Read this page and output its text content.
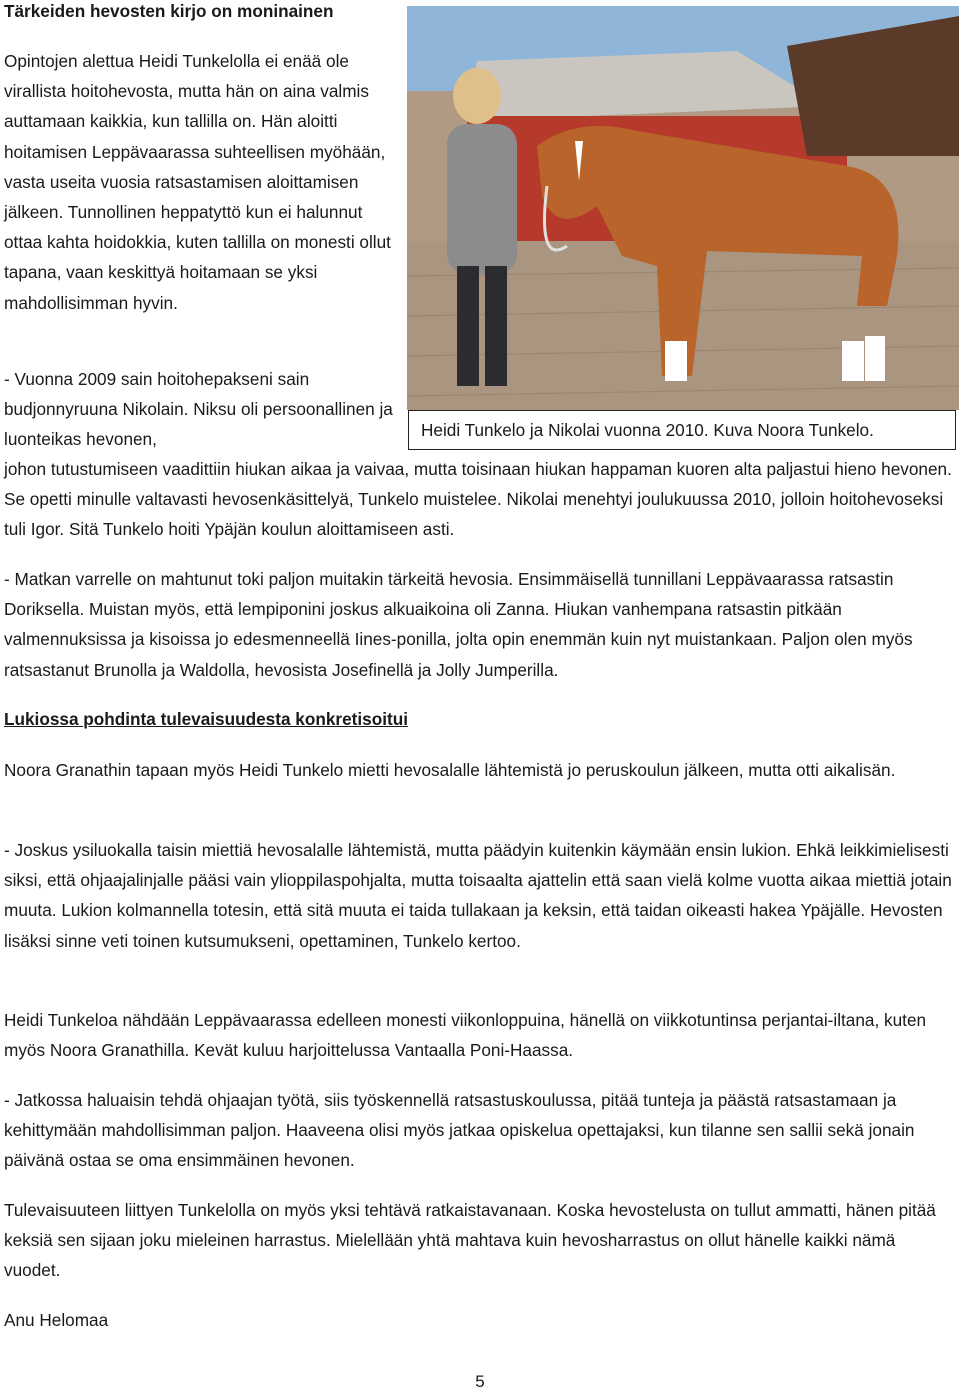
Tärkeiden hevosten kirjo on moninainen

Opintojen alettua Heidi Tunkelolla ei enää ole virallista hoitohevosta, mutta hän on aina valmis auttamaan kaikkia, kun tallilla on. Hän aloitti hoitamisen Leppävaarassa suhteellisen myöhään, vasta useita vuosia ratsastamisen aloittamisen jälkeen. Tunnollinen heppatyttö kun ei halunnut ottaa kahta hoidokkia, kuten tallilla on monesti ollut tapana, vaan keskittyä hoitamaan se yksi mahdollisimman hyvin.

- Vuonna 2009 sain hoitohepakseni sain budjonnyruuna Nikolain. Niksu oli persoonallinen ja luonteikas hevonen,

johon tutustumiseen vaadittiin hiukan aikaa ja vaivaa, mutta toisinaan hiukan happaman kuoren alta paljastui hieno hevonen. Se opetti minulle valtavasti hevosenkäsittelyä, Tunkelo muistelee. Nikolai menehtyi joulukuussa 2010, jolloin hoitohevoseksi tuli Igor. Sitä Tunkelo hoiti Ypäjän koulun aloittamiseen asti.

Heidi Tunkelo ja Nikolai vuonna 2010. Kuva Noora Tunkelo.

- Matkan varrelle on mahtunut toki paljon muitakin tärkeitä hevosia. Ensimmäisellä tunnillani Leppävaarassa ratsastin Doriksella. Muistan myös, että lempiponini joskus alkuaikoina oli Zanna. Hiukan vanhempana ratsastin pitkään valmennuksissa ja kisoissa jo edesmenneellä Iines-ponilla, jolta opin enemmän kuin nyt muistankaan. Paljon olen myös ratsastanut Brunolla ja Waldolla, hevosista Josefinellä ja Jolly Jumperilla.

Lukiossa pohdinta tulevaisuudesta konkretisoitui

Noora Granathin tapaan myös Heidi Tunkelo mietti hevosalalle lähtemistä jo peruskoulun jälkeen, mutta otti aikalisän.

- Joskus ysiluokalla taisin miettiä hevosalalle lähtemistä, mutta päädyin kuitenkin käymään ensin lukion. Ehkä leikkimielisesti siksi, että ohjaajalinjalle pääsi vain ylioppilaspohjalta, mutta toisaalta ajattelin että saan vielä kolme vuotta aikaa miettiä jotain muuta. Lukion kolmannella totesin, että sitä muuta ei taida tullakaan ja keksin, että taidan oikeasti hakea Ypäjälle. Hevosten lisäksi sinne veti toinen kutsumukseni, opettaminen, Tunkelo kertoo.

Heidi Tunkeloa nähdään Leppävaarassa edelleen monesti viikonloppuina, hänellä on viikkotuntinsa perjantai-iltana, kuten myös Noora Granathilla. Kevät kuluu harjoittelussa Vantaalla Poni-Haassa.

- Jatkossa haluaisin tehdä ohjaajan työtä, siis työskennellä ratsastuskoulussa, pitää tunteja ja päästä ratsastamaan ja kehittymään mahdollisimman paljon. Haaveena olisi myös jatkaa opiskelua opettajaksi, kun tilanne sen sallii sekä jonain päivänä ostaa se oma ensimmäinen hevonen.

Tulevaisuuteen liittyen Tunkelolla on myös yksi tehtävä ratkaistavanaan. Koska hevostelusta on tullut ammatti, hänen pitää keksiä sen sijaan joku mieleinen harrastus. Mielellään yhtä mahtava kuin hevosharrastus on ollut hänelle kaikki nämä vuodet.

Anu Helomaa

5
